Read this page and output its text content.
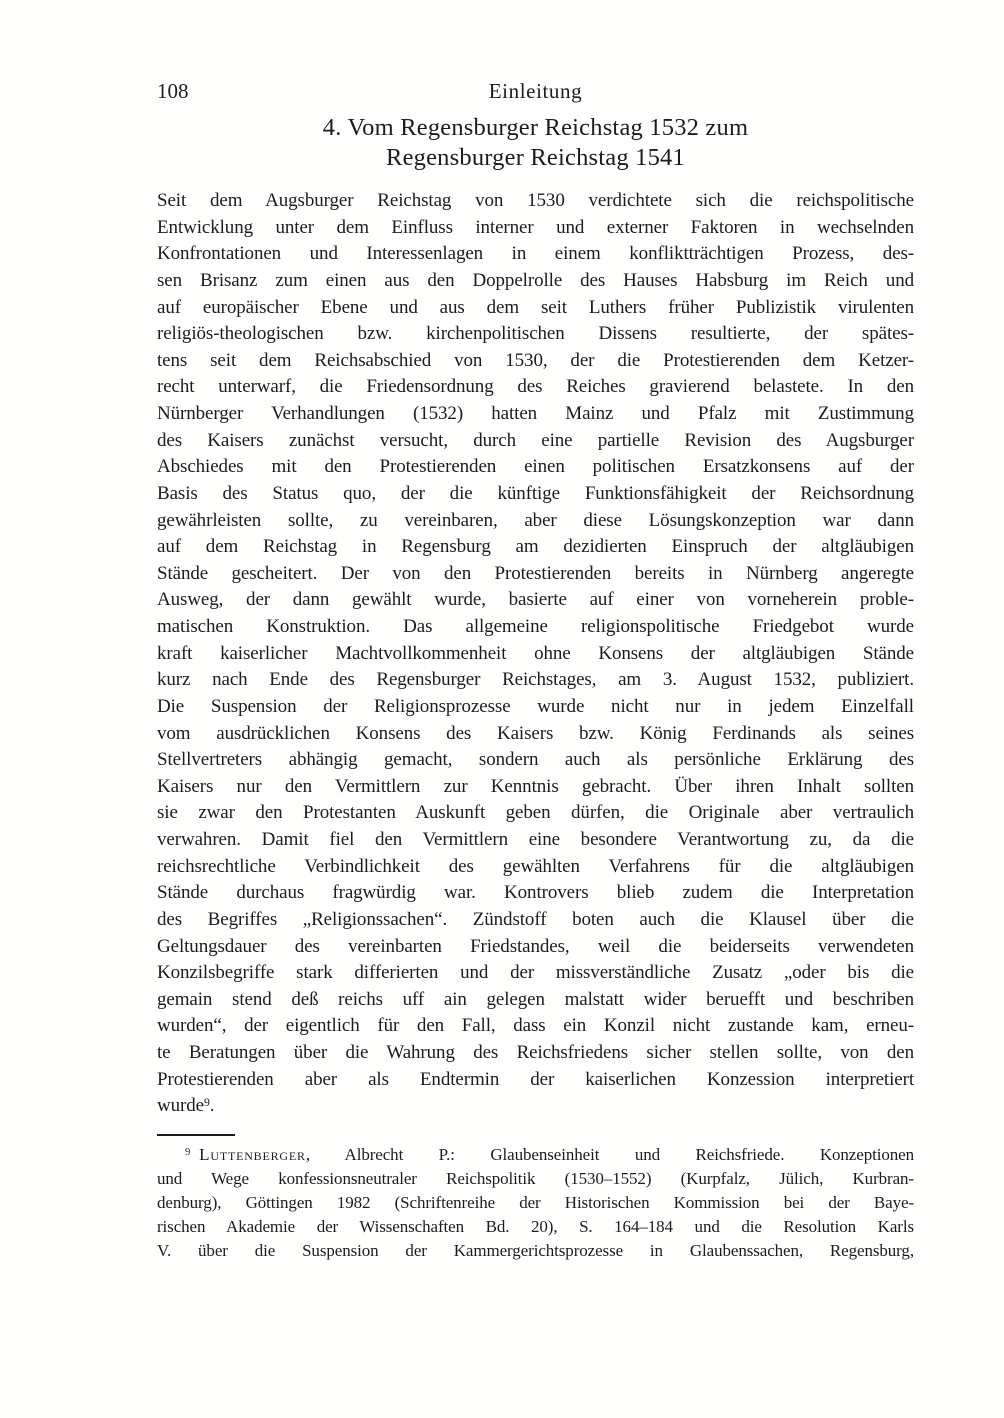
108	Einleitung
4. Vom Regensburger Reichstag 1532 zum
Regensburger Reichstag 1541
Seit dem Augsburger Reichstag von 1530 verdichtete sich die reichspolitische
Entwicklung unter dem Einfluss interner und externer Faktoren in wechselnden
Konfrontationen und Interessenlagen in einem konfliktträchtigen Prozess, des-
sen Brisanz zum einen aus den Doppelrolle des Hauses Habsburg im Reich und
auf europäischer Ebene und aus dem seit Luthers früher Publizistik virulenten
religiös-theologischen bzw. kirchenpolitischen Dissens resultierte, der spätes-
tens seit dem Reichsabschied von 1530, der die Protestierenden dem Ketzer-
recht unterwarf, die Friedensordnung des Reiches gravierend belastete. In den
Nürnberger Verhandlungen (1532) hatten Mainz und Pfalz mit Zustimmung
des Kaisers zunächst versucht, durch eine partielle Revision des Augsburger
Abschiedes mit den Protestierenden einen politischen Ersatzkonsens auf der
Basis des Status quo, der die künftige Funktionsfähigkeit der Reichsordnung
gewährleisten sollte, zu vereinbaren, aber diese Lösungskonzeption war dann
auf dem Reichstag in Regensburg am dezidierten Einspruch der altgläubigen
Stände gescheitert. Der von den Protestierenden bereits in Nürnberg angeregte
Ausweg, der dann gewählt wurde, basierte auf einer von vorneherein proble-
matischen Konstruktion. Das allgemeine religionspolitische Friedgebot wurde
kraft kaiserlicher Machtvollkommenheit ohne Konsens der altgläubigen Stände
kurz nach Ende des Regensburger Reichstages, am 3. August 1532, publiziert.
Die Suspension der Religionsprozesse wurde nicht nur in jedem Einzelfall
vom ausdrücklichen Konsens des Kaisers bzw. König Ferdinands als seines
Stellvertreters abhängig gemacht, sondern auch als persönliche Erklärung des
Kaisers nur den Vermittlern zur Kenntnis gebracht. Über ihren Inhalt sollten
sie zwar den Protestanten Auskunft geben dürfen, die Originale aber vertraulich
verwahren. Damit fiel den Vermittlern eine besondere Verantwortung zu, da die
reichsrechtliche Verbindlichkeit des gewählten Verfahrens für die altgläubigen
Stände durchaus fragwürdig war. Kontrovers blieb zudem die Interpretation
des Begriffes „Religionssachen“. Zündstoff boten auch die Klausel über die
Geltungsdauer des vereinbarten Friedstandes, weil die beiderseits verwendeten
Konzilsbegriffe stark differierten und der missverständliche Zusatz „oder bis die
gemain stend deß reichs uff ain gelegen malstatt wider beruefft und beschriben
wurden“, der eigentlich für den Fall, dass ein Konzil nicht zustande kam, erneu-
te Beratungen über die Wahrung des Reichsfriedens sicher stellen sollte, von den
Protestierenden aber als Endtermin der kaiserlichen Konzession interpretiert
wurde$^9$.
$^9$ Luttenberger, Albrecht P.: Glaubenseinheit und Reichsfriede. Konzeptionen
und Wege konfessionsneutraler Reichspolitik (1530–1552) (Kurpfalz, Jülich, Kurbran-
denburg), Göttingen 1982 (Schriftenreihe der Historischen Kommission bei der Baye-
rischen Akademie der Wissenschaften Bd. 20), S. 164–184 und die Resolution Karls
V. über die Suspension der Kammergerichtsprozesse in Glaubenssachen, Regensburg,
